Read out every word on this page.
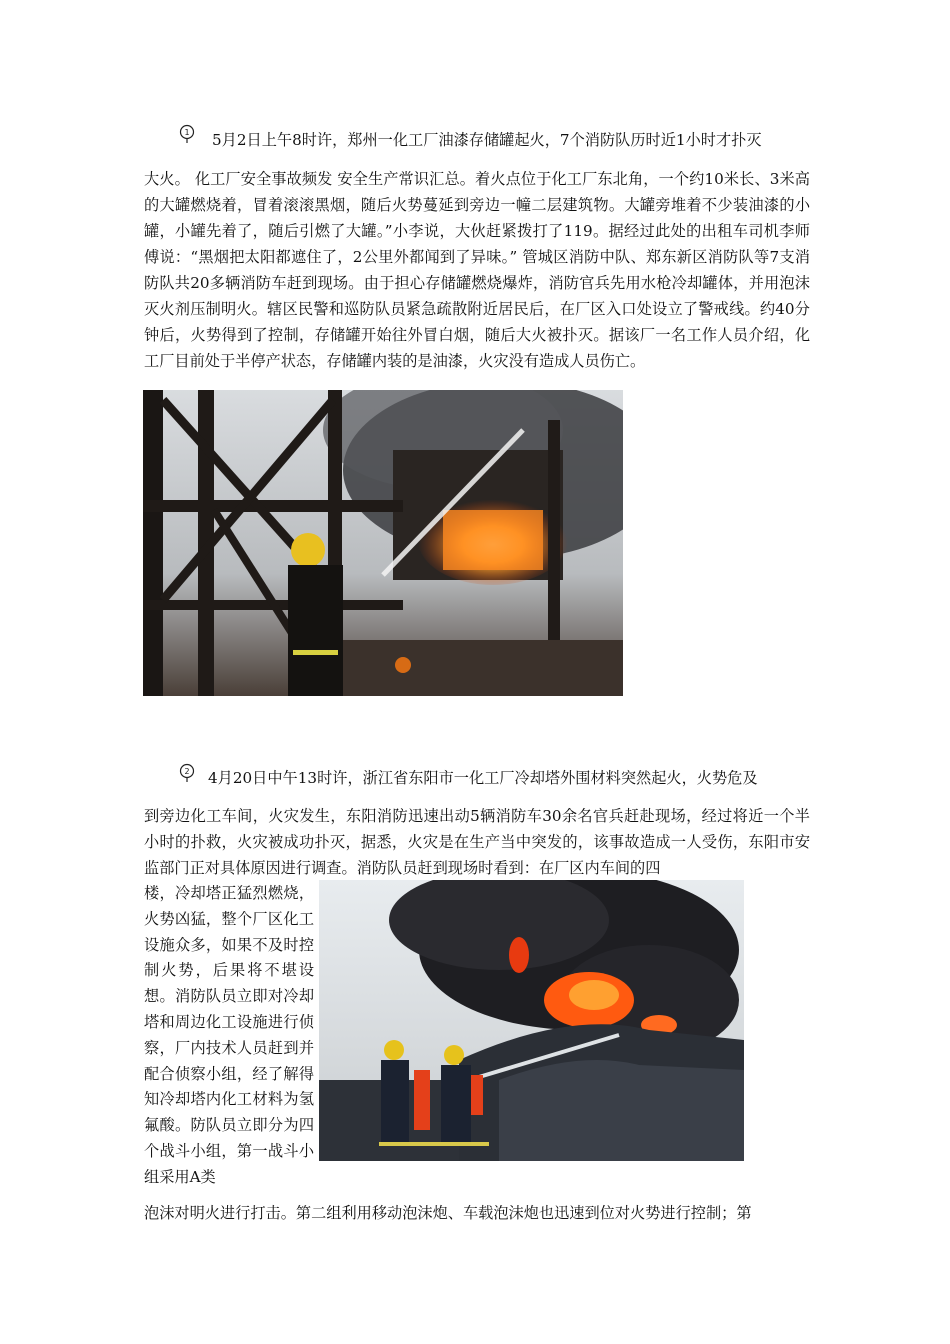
1 5月2日上午8时许，郑州一化工厂油漆存储罐起火，7个消防队历时近1小时才扑灭
大火。 化工厂安全事故频发 安全生产常识汇总。着火点位于化工厂东北角，一个约10米长、3米高的大罐燃烧着，冒着滚滚黑烟，随后火势蔓延到旁边一幢二层建筑物。大罐旁堆着不少装油漆的小罐，小罐先着了，随后引燃了大罐。”小李说，大伙赶紧拨打了119。据经过此处的出租车司机李师傅说：“黑烟把太阳都遮住了，2公里外都闻到了异味。” 管城区消防中队、郑东新区消防队等7支消防队共20多辆消防车赶到现场。由于担心存储罐燃烧爆炸，消防官兵先用水枪冷却罐体，并用泡沫灭火剂压制明火。辖区民警和巡防队员紧急疏散附近居民后，在厂区入口处设立了警戒线。约40分钟后，火势得到了控制，存储罐开始往外冒白烟，随后大火被扑灭。据该厂一名工作人员介绍，化工厂目前处于半停产状态，存储罐内装的是油漆，火灾没有造成人员伤亡。
2 4月20日中午13时许，浙江省东阳市一化工厂冷却塔外围材料突然起火，火势危及
到旁边化工车间，火灾发生，东阳消防迅速出动5辆消防车30余名官兵赶赴现场，经过将近一个半小时的扑救，火灾被成功扑灭，据悉，火灾是在生产当中突发的，该事故造成一人受伤，东阳市安监部门正对具体原因进行调查。消防队员赶到现场时看到：在厂区内车间的四
楼，冷却塔正猛烈燃烧，火势凶猛，整个厂区化工设施众多，如果不及时控制火势，后果将不堪设想。消防队员立即对冷却塔和周边化工设施进行侦察，厂内技术人员赶到并配合侦察小组，经了解得知冷却塔内化工材料为氢氟酸。防队员立即分为四个战斗小组，第一战斗小组采用A类
泡沫对明火进行打击。第二组利用移动泡沫炮、车载泡沫炮也迅速到位对火势进行控制；第
